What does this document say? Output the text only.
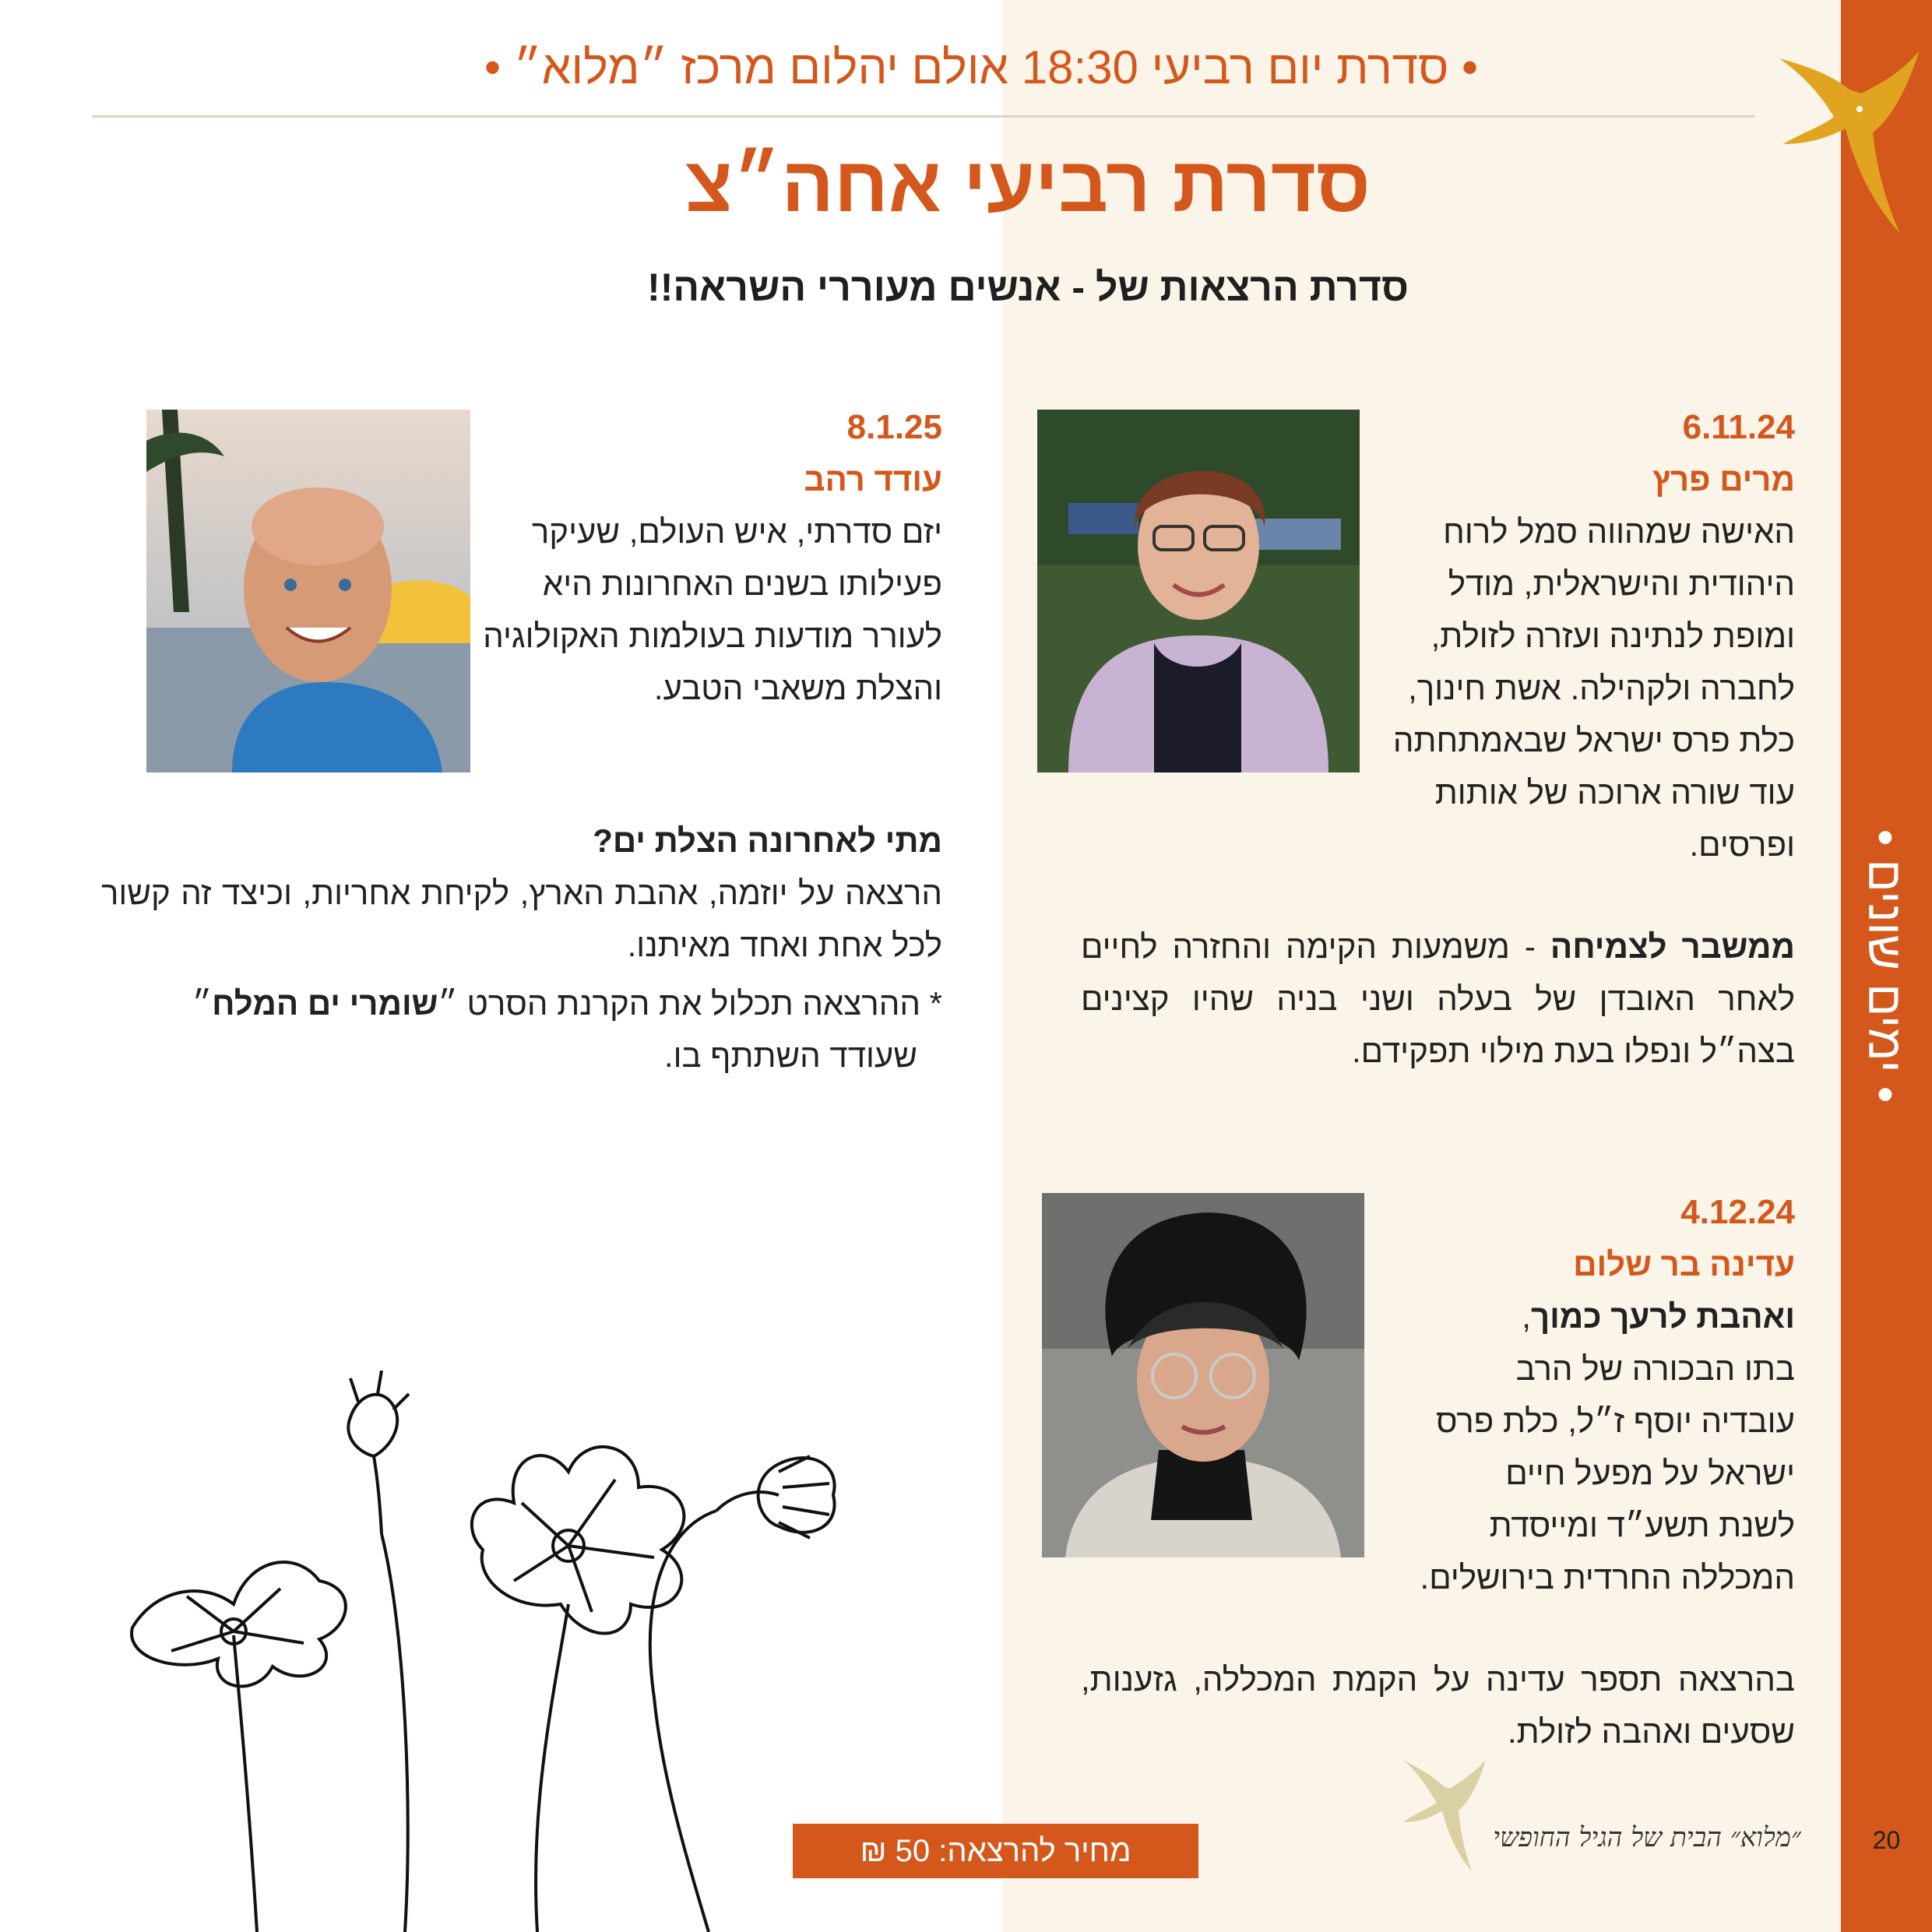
• ימים שונים •
• סדרת יום רביעי 18:30 אולם יהלום מרכז ״מלוא״ •
סדרת רביעי אחה״צ
סדרת הרצאות של - אנשים מעוררי השראה!!
6.11.24
מרים פרץ
האישה שמהווה סמל לרוח
היהודית והישראלית, מודל
ומופת לנתינה ועזרה לזולת,
לחברה ולקהילה. אשת חינוך,
כלת פרס ישראל שבאמתחתה
עוד שורה ארוכה של אותות
ופרסים.
ממשבר לצמיחה - משמעות הקימה והחזרה לחיים לאחר האובדן של בעלה ושני בניה שהיו קצינים בצה״ל ונפלו בעת מילוי תפקידם.
8.1.25
עודד רהב
יזם סדרתי, איש העולם, שעיקר
פעילותו בשנים האחרונות היא
לעורר מודעות בעולמות האקולוגיה
והצלת משאבי הטבע.
מתי לאחרונה הצלת ים?
הרצאה על יוזמה, אהבת הארץ, לקיחת אחריות, וכיצד זה קשור לכל אחת ואחד מאיתנו.
* ההרצאה תכלול את הקרנת הסרט ״שומרי ים המלח״
שעודד השתתף בו.
4.12.24
עדינה בר שלום
ואהבת לרעך כמוך,
בתו הבכורה של הרב
עובדיה יוסף ז״ל, כלת פרס
ישראל על מפעל חיים
לשנת תשע״ד ומייסדת
המכללה החרדית בירושלים.
בהרצאה תספר עדינה על הקמת המכללה, גזענות, שסעים ואהבה לזולת.
מחיר להרצאה: 50 ₪	״מלוא״ הבית של הגיל החופשי	20
